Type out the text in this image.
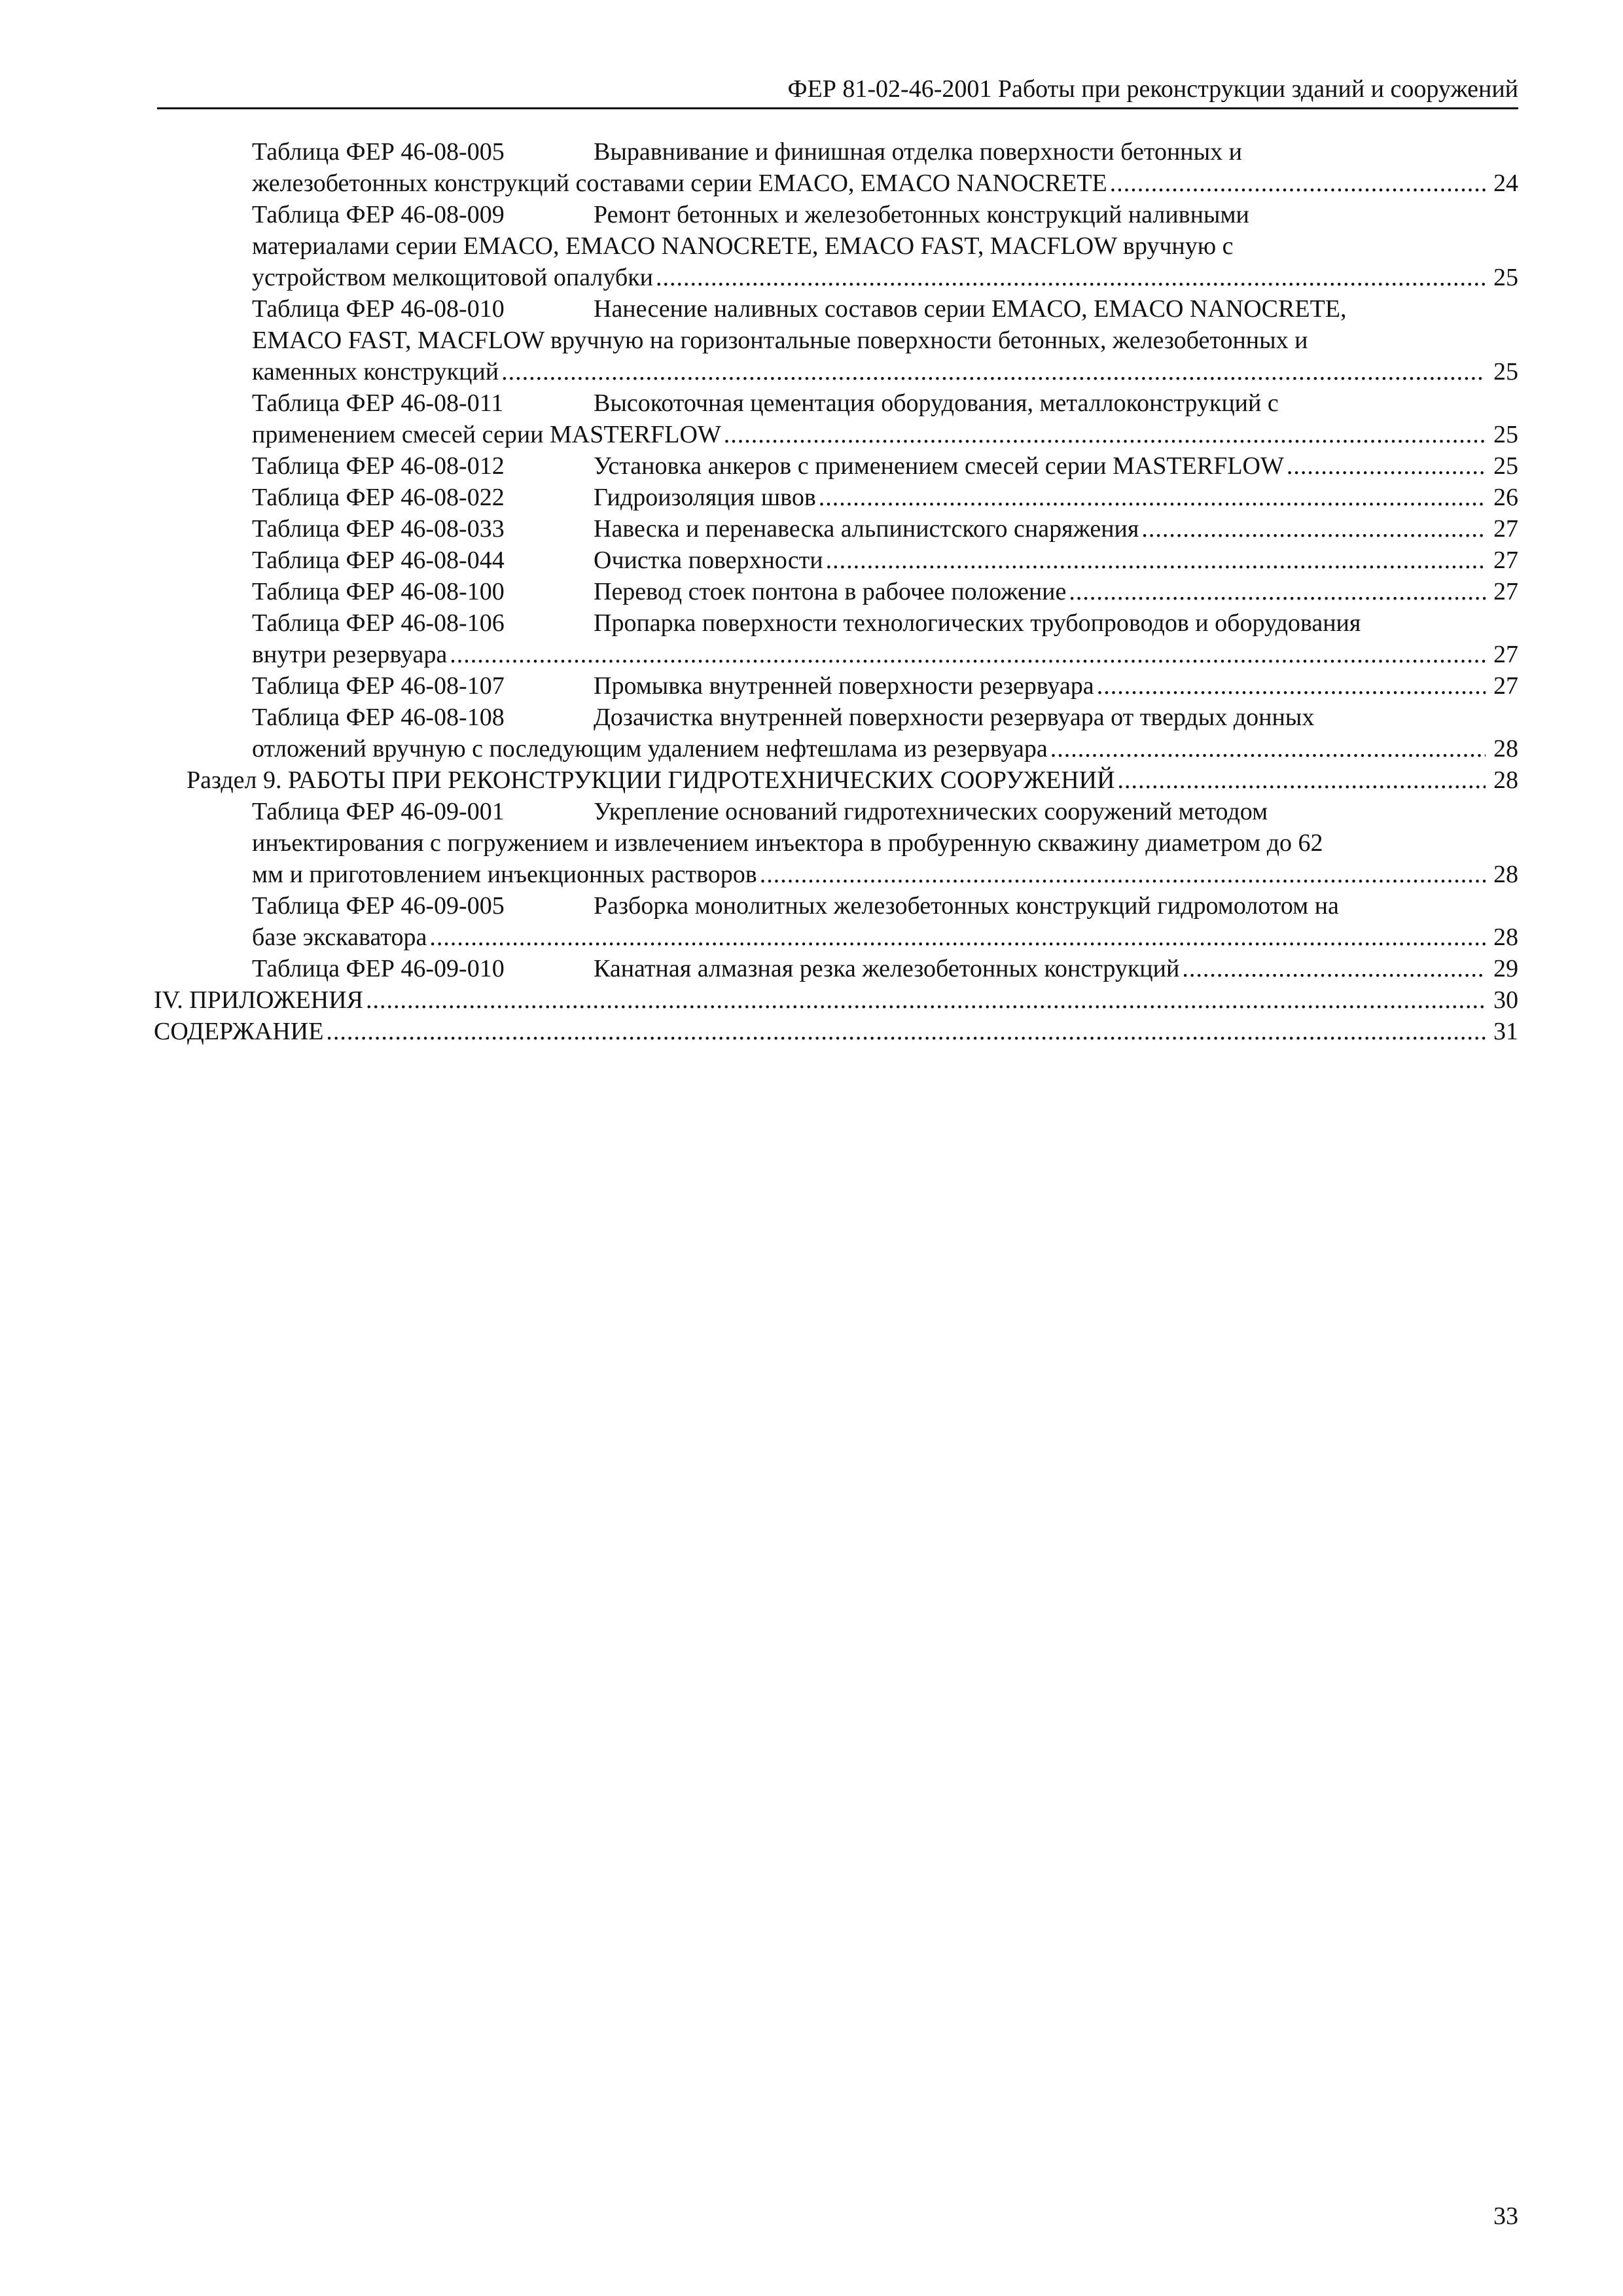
ФЕР 81-02-46-2001 Работы при реконструкции зданий и сооружений
Таблица ФЕР 46-08-005	Выравнивание и финишная отделка поверхности бетонных и
железобетонных конструкций составами серии EMACO, EMACO NANOCRETE .....	24
Таблица ФЕР 46-08-009	Ремонт бетонных и железобетонных конструкций наливными
материалами серии EMACO, EMACO NANOCRETE, EMACO FAST, MACFLOW вручную с
устройством мелкощитовой опалубки .....	25
Таблица ФЕР 46-08-010	Нанесение наливных составов серии EMACO, EMACO NANOCRETE,
EMACO FAST, MACFLOW вручную на горизонтальные поверхности бетонных, железобетонных и
каменных конструкций .....	25
Таблица ФЕР 46-08-011	Высокоточная цементация оборудования, металлоконструкций с
применением смесей серии MASTERFLOW .....	25
Таблица ФЕР 46-08-012	Установка анкеров с применением смесей серии MASTERFLOW .....	25
Таблица ФЕР 46-08-022	Гидроизоляция швов .....	26
Таблица ФЕР 46-08-033	Навеска и перенавеска альпинистского снаряжения .....	27
Таблица ФЕР 46-08-044	Очистка поверхности .....	27
Таблица ФЕР 46-08-100	Перевод стоек понтона в рабочее положение .....	27
Таблица ФЕР 46-08-106	Пропарка поверхности технологических трубопроводов и оборудования
внутри резервуара .....	27
Таблица ФЕР 46-08-107	Промывка внутренней поверхности резервуара .....	27
Таблица ФЕР 46-08-108	Дозачистка внутренней поверхности резервуара от твердых донных
отложений вручную с последующим удалением нефтешлама из резервуара .....	28
Раздел 9. РАБОТЫ ПРИ РЕКОНСТРУКЦИИ ГИДРОТЕХНИЧЕСКИХ СООРУЖЕНИЙ .....	28
Таблица ФЕР 46-09-001	Укрепление оснований гидротехнических сооружений методом
инъектирования с погружением и извлечением инъектора в пробуренную скважину диаметром до 62
мм и приготовлением инъекционных растворов .....	28
Таблица ФЕР 46-09-005	Разборка монолитных железобетонных конструкций гидромолотом на
базе экскаватора .....	28
Таблица ФЕР 46-09-010	Канатная алмазная резка железобетонных конструкций .....	29
IV. ПРИЛОЖЕНИЯ .....	30
СОДЕРЖАНИЕ .....	31
33
